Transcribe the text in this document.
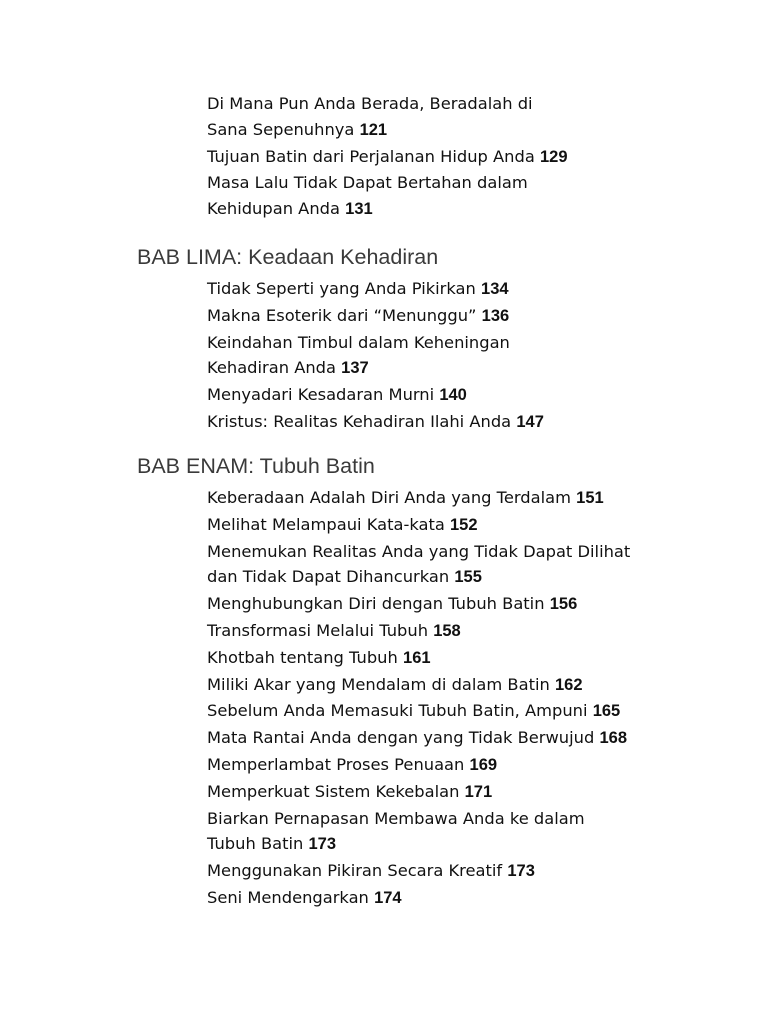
Di Mana Pun Anda Berada, Beradalah di
Sana Sepenuhnya 121
Tujuan Batin dari Perjalanan Hidup Anda 129
Masa Lalu Tidak Dapat Bertahan dalam
Kehidupan Anda 131
BAB LIMA: Keadaan Kehadiran
Tidak Seperti yang Anda Pikirkan 134
Makna Esoterik dari “Menunggu” 136
Keindahan Timbul dalam Keheningan
Kehadiran Anda 137
Menyadari Kesadaran Murni 140
Kristus: Realitas Kehadiran Ilahi Anda 147
BAB ENAM: Tubuh Batin
Keberadaan Adalah Diri Anda yang Terdalam 151
Melihat Melampaui Kata-kata 152
Menemukan Realitas Anda yang Tidak Dapat Dilihat
dan Tidak Dapat Dihancurkan 155
Menghubungkan Diri dengan Tubuh Batin 156
Transformasi Melalui Tubuh 158
Khotbah tentang Tubuh 161
Miliki Akar yang Mendalam di dalam Batin 162
Sebelum Anda Memasuki Tubuh Batin, Ampuni 165
Mata Rantai Anda dengan yang Tidak Berwujud 168
Memperlambat Proses Penuaan 169
Memperkuat Sistem Kekebalan 171
Biarkan Pernapasan Membawa Anda ke dalam
Tubuh Batin 173
Menggunakan Pikiran Secara Kreatif 173
Seni Mendengarkan 174
